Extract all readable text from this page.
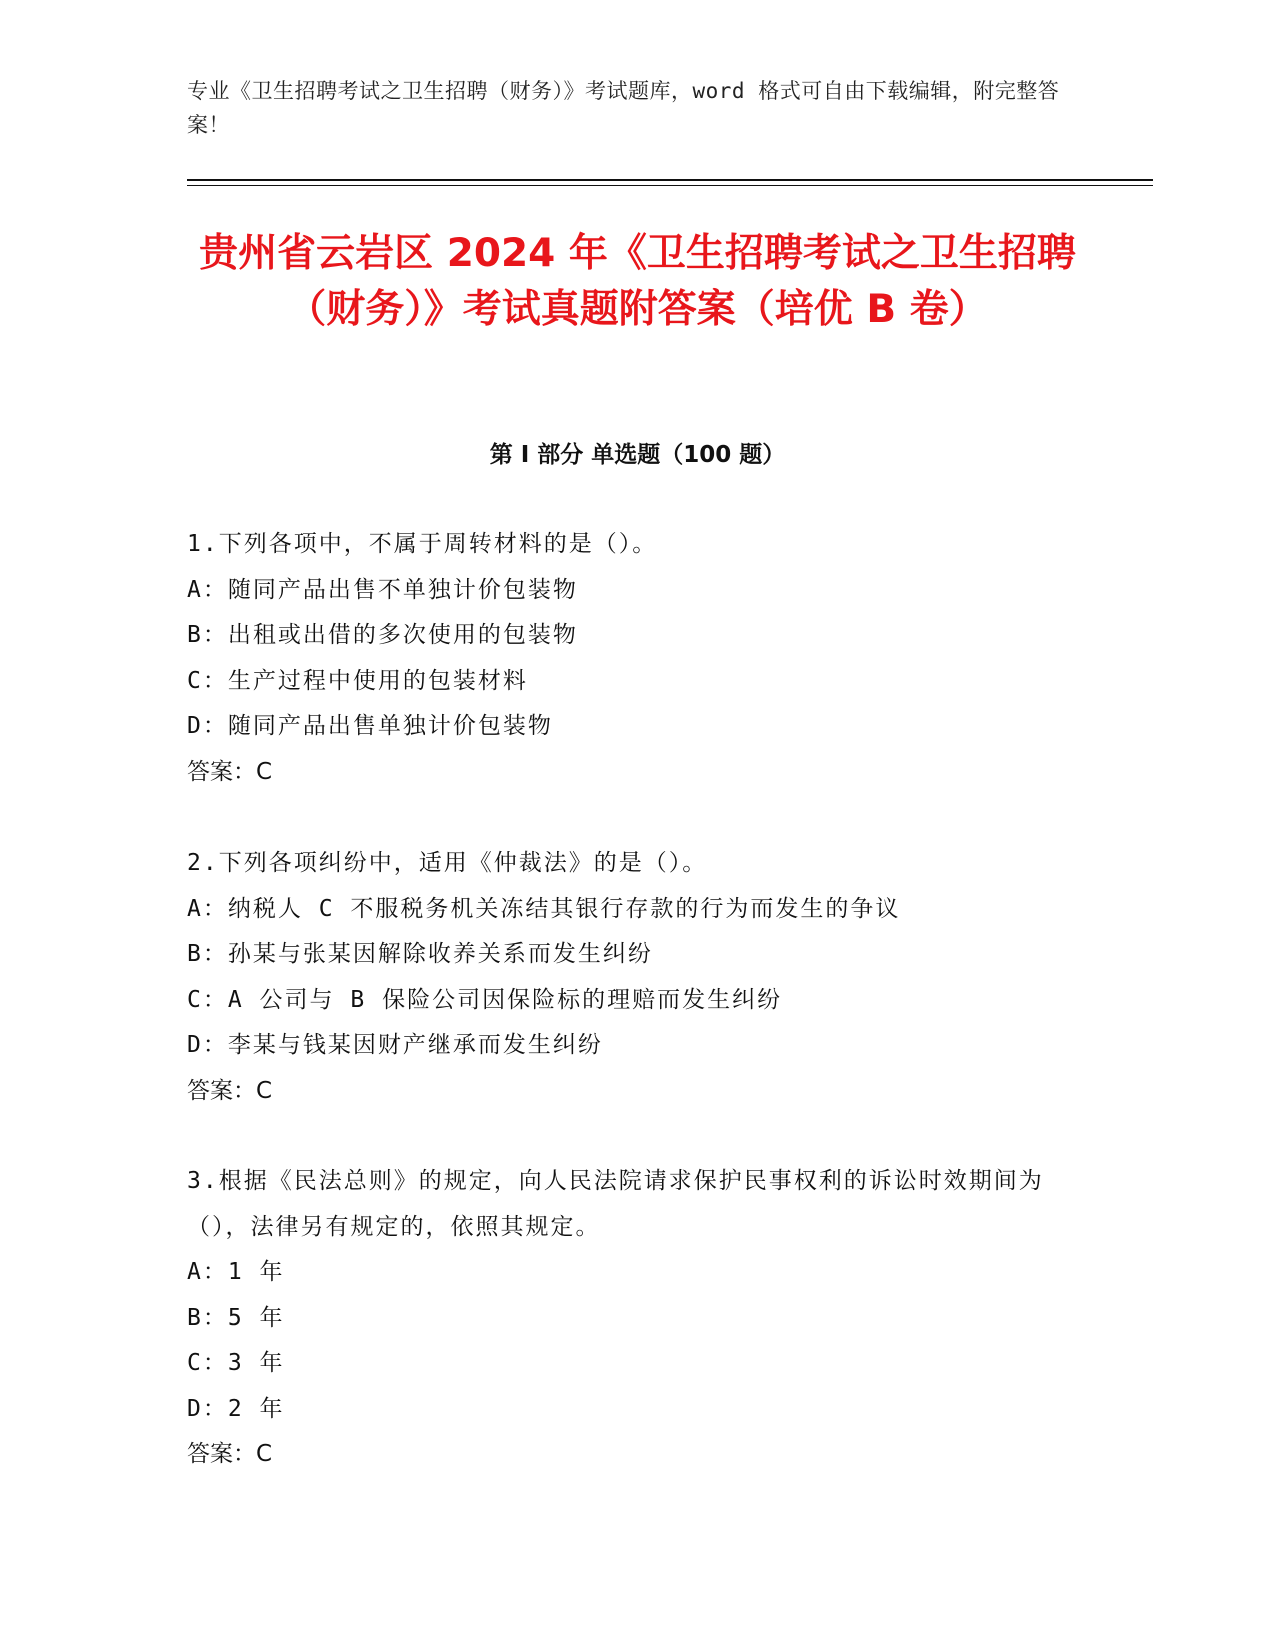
专业《卫生招聘考试之卫生招聘（财务）》考试题库，word 格式可自由下载编辑，附完整答案！
贵州省云岩区 2024 年《卫生招聘考试之卫生招聘（财务）》考试真题附答案（培优 B 卷）
第 I 部分 单选题（100 题）
1.下列各项中，不属于周转材料的是（）。
A：随同产品出售不单独计价包装物
B：出租或出借的多次使用的包装物
C：生产过程中使用的包装材料
D：随同产品出售单独计价包装物
答案：C
2.下列各项纠纷中，适用《仲裁法》的是（）。
A：纳税人 C 不服税务机关冻结其银行存款的行为而发生的争议
B：孙某与张某因解除收养关系而发生纠纷
C：A 公司与 B 保险公司因保险标的理赔而发生纠纷
D：李某与钱某因财产继承而发生纠纷
答案：C
3.根据《民法总则》的规定，向人民法院请求保护民事权利的诉讼时效期间为（），法律另有规定的，依照其规定。
A：1 年
B：5 年
C：3 年
D：2 年
答案：C
